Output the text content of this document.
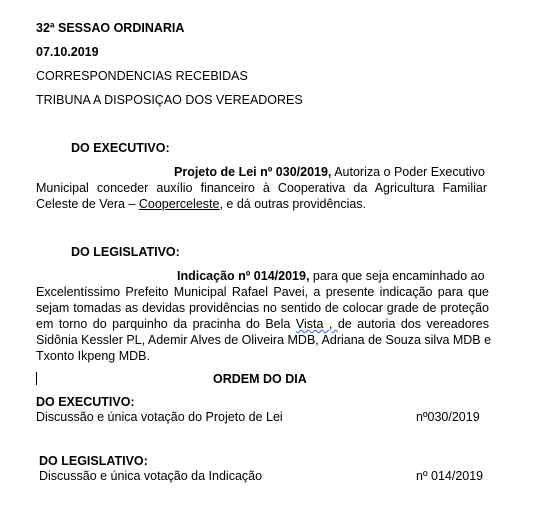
32ª SESSAO ORDINARIA
07.10.2019
CORRESPONDENCIAS RECEBIDAS
TRIBUNA A DISPOSIÇAO DOS VEREADORES
DO EXECUTIVO:
Projeto de Lei nº 030/2019, Autoriza o Poder Executivo
Municipal conceder auxílio financeiro à Cooperativa da Agricultura Familiar
Celeste de Vera – Cooperceleste, e dá outras providências.
DO LEGISLATIVO:
Indicação nº 014/2019, para que seja encaminhado ao
Excelentíssimo Prefeito Municipal Rafael Pavei, a presente indicação para que
sejam tomadas as devidas providências no sentido de colocar grade de proteção
em torno do parquinho da pracinha do Bela Vista , de autoria dos vereadores
Sidônia Kessler PL, Ademir Alves de Oliveira MDB, Adriana de Souza silva MDB e
Txonto Ikpeng MDB.
ORDEM DO DIA
DO EXECUTIVO:
Discussão e única votação do Projeto de Lei	nº030/2019
DO LEGISLATIVO:
Discussão e única votação da Indicação	nº 014/2019
